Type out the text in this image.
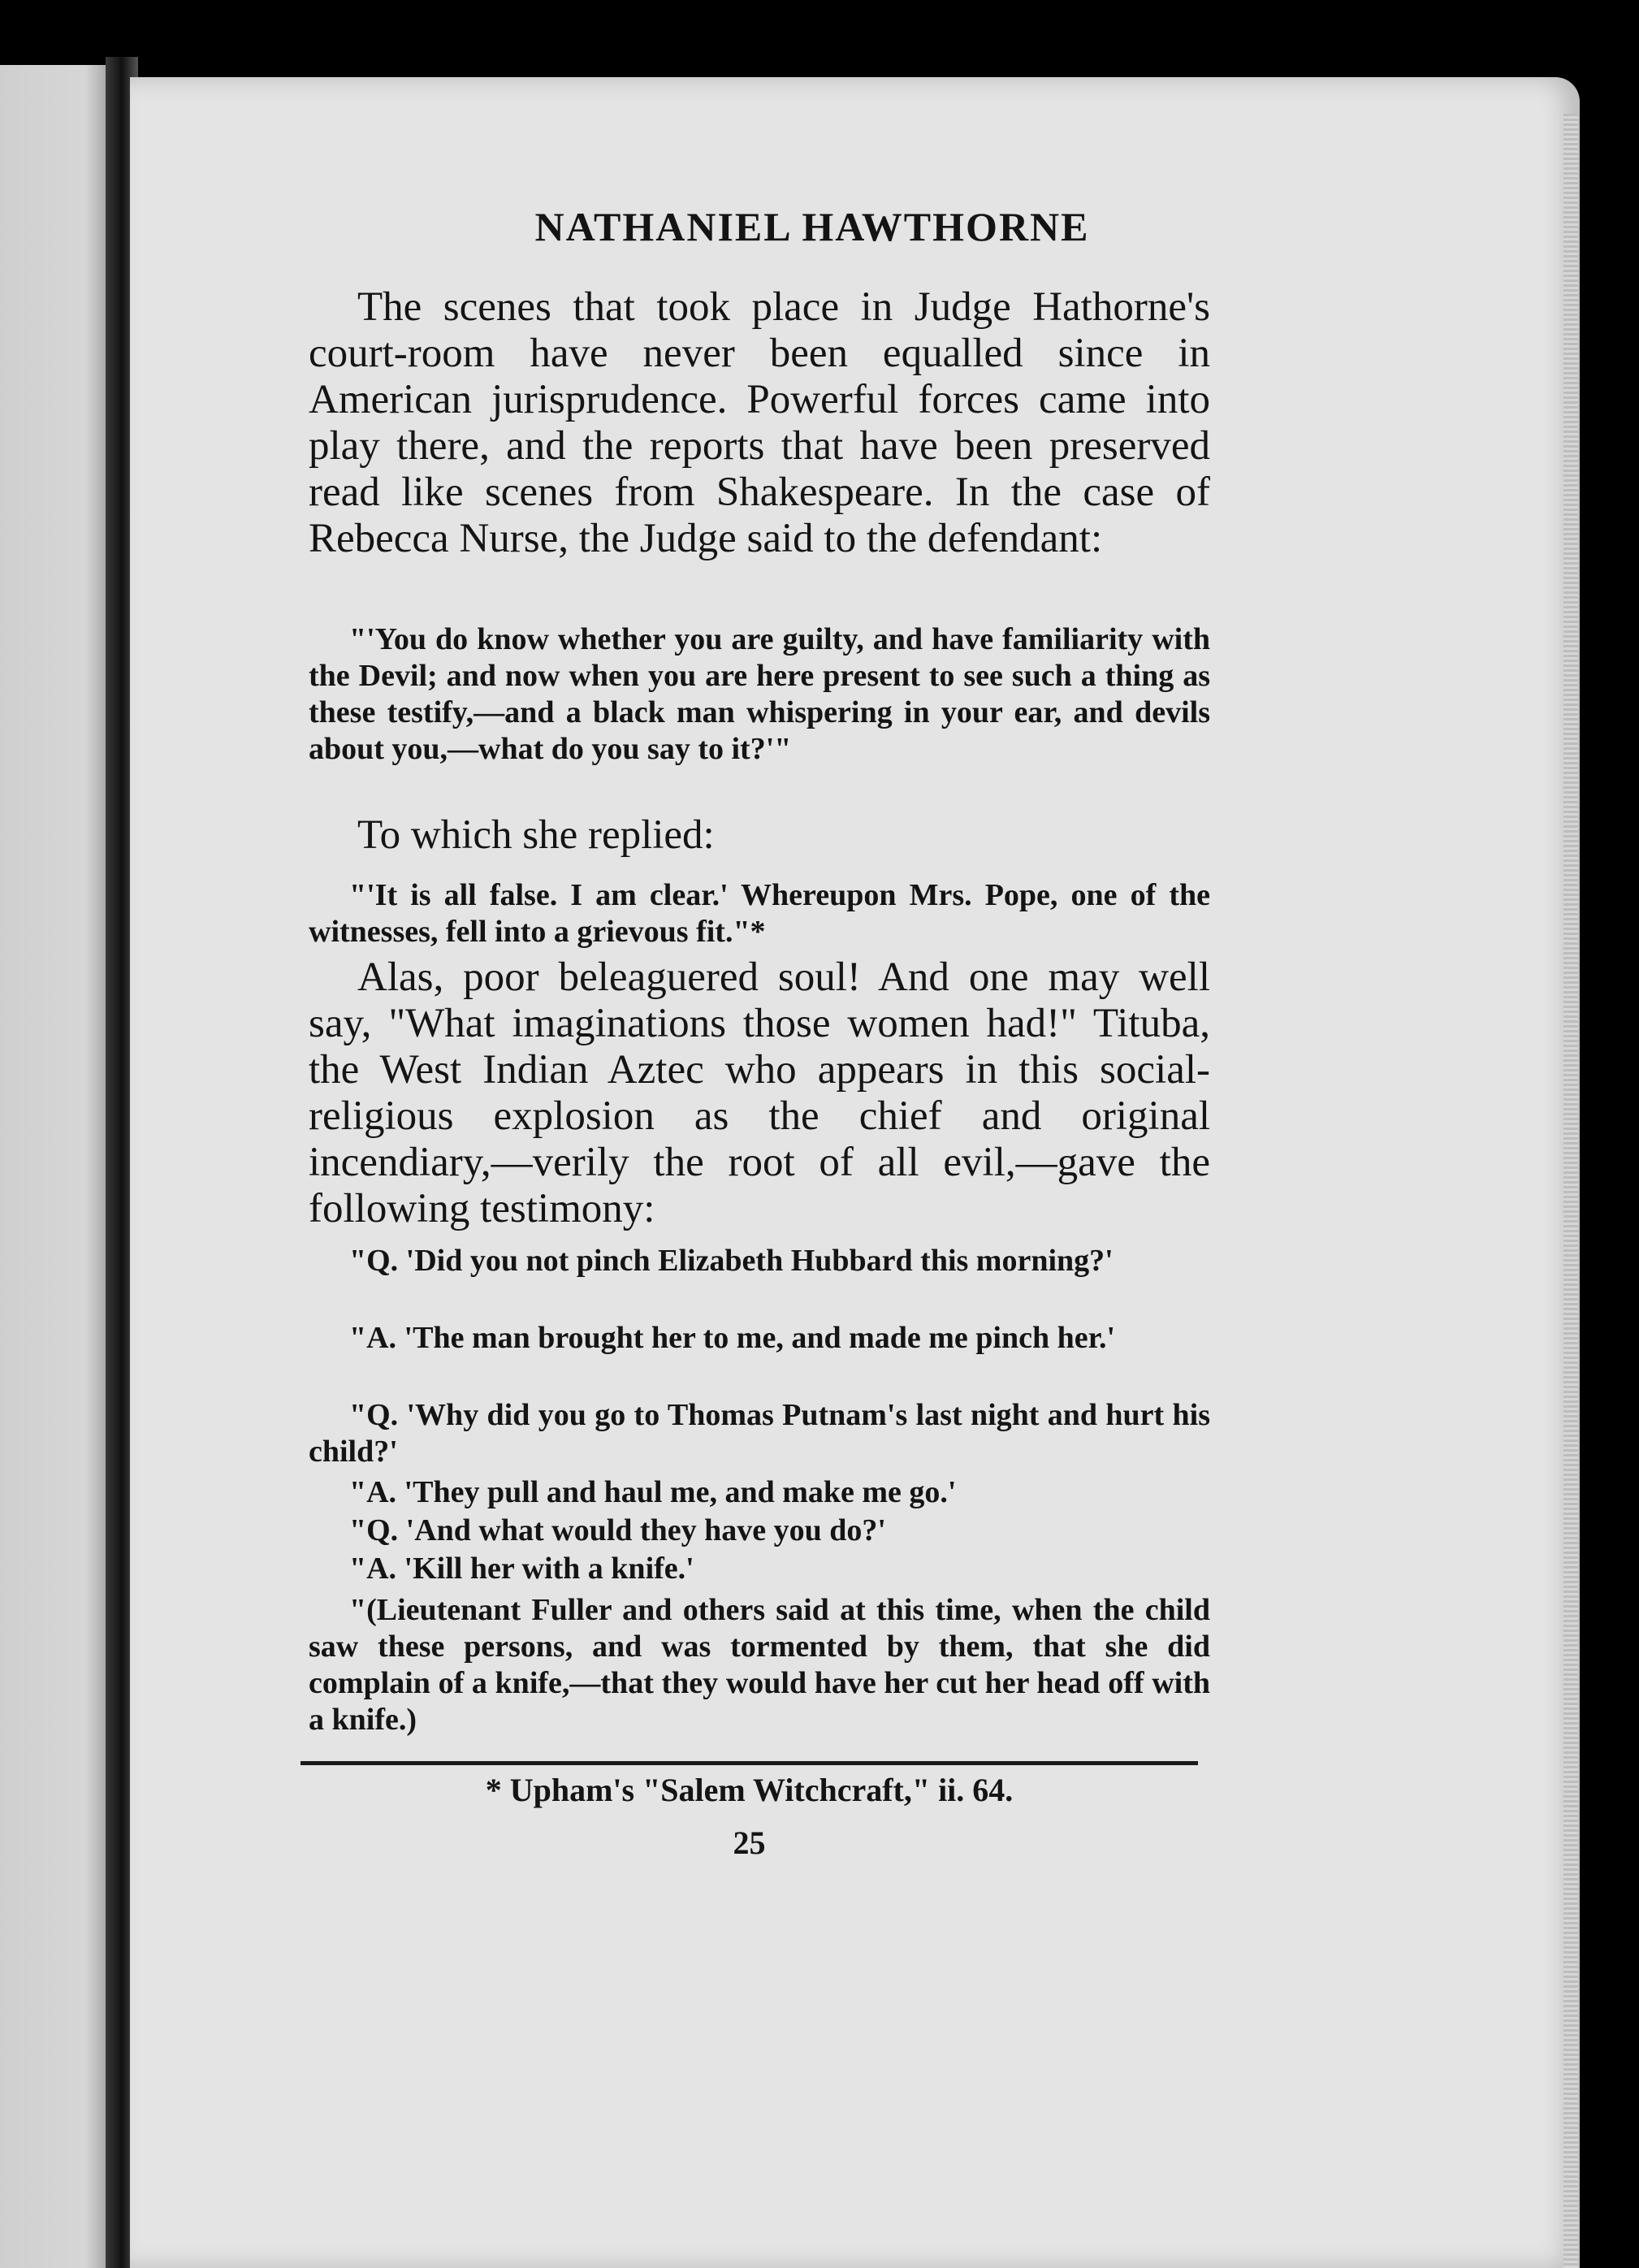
NATHANIEL HAWTHORNE

The scenes that took place in Judge Hathorne's court-room have never been equalled since in American jurisprudence. Powerful forces came into play there, and the reports that have been preserved read like scenes from Shakespeare. In the case of Rebecca Nurse, the Judge said to the defendant:

"'You do know whether you are guilty, and have familiarity with the Devil; and now when you are here present to see such a thing as these testify,—and a black man whispering in your ear, and devils about you,—what do you say to it?'"

To which she replied:

"'It is all false. I am clear.' Whereupon Mrs. Pope, one of the witnesses, fell into a grievous fit."*

Alas, poor beleaguered soul! And one may well say, "What imaginations those women had!" Tituba, the West Indian Aztec who appears in this social-religious explosion as the chief and original incendiary,—verily the root of all evil,—gave the following testimony:

"Q. 'Did you not pinch Elizabeth Hubbard this morning?'

"A. 'The man brought her to me, and made me pinch her.'

"Q. 'Why did you go to Thomas Putnam's last night and hurt his child?'

"A. 'They pull and haul me, and make me go.'

"Q. 'And what would they have you do?'

"A. 'Kill her with a knife.'

"(Lieutenant Fuller and others said at this time, when the child saw these persons, and was tormented by them, that she did complain of a knife,—that they would have her cut her head off with a knife.)

* Upham's "Salem Witchcraft," ii. 64.

25
